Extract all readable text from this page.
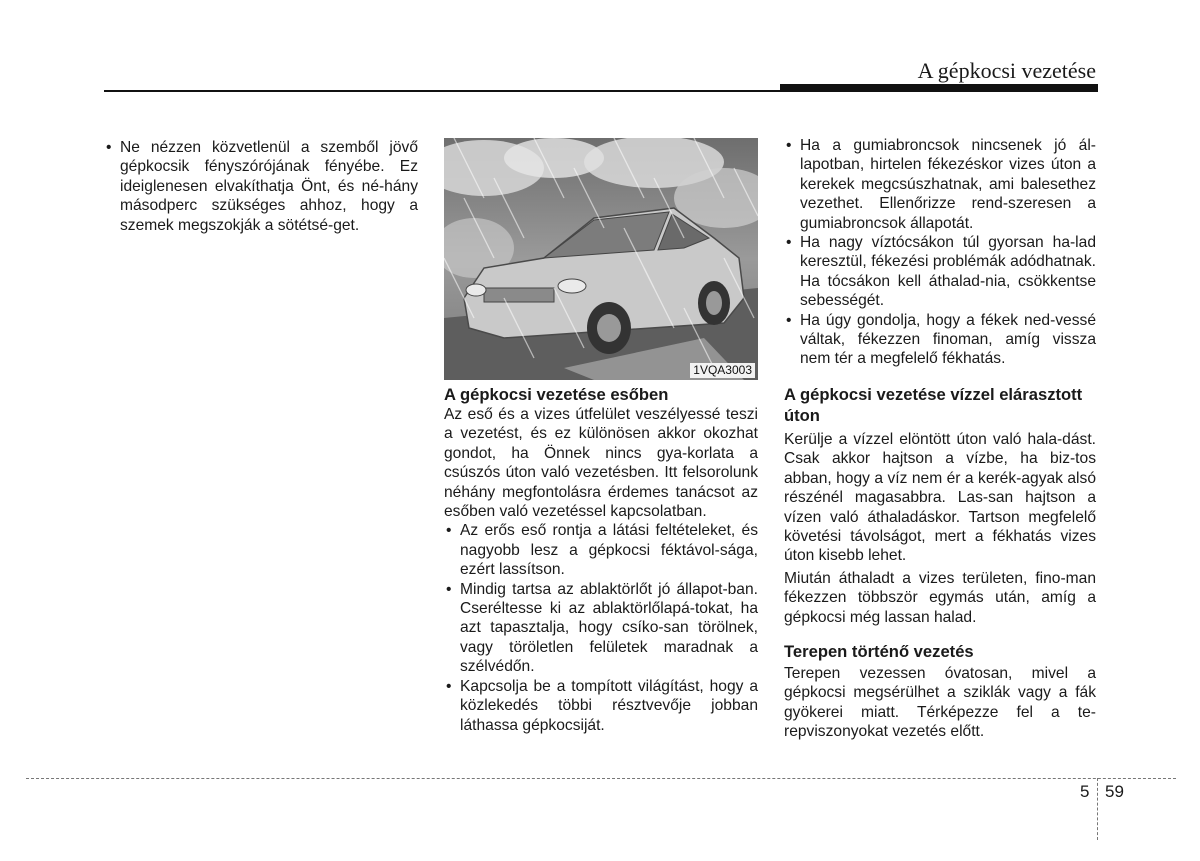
A gépkocsi vezetése
• Ne nézzen közvetlenül a szemből jövő gépkocsik fényszórójának fényébe. Ez ideiglenesen elvakíthatja Önt, és né-hány másodperc szükséges ahhoz, hogy a szemek megszokják a sötétsé-get.
1VQA3003

A gépkocsi vezetése esőben

Az eső és a vizes útfelület veszélyessé teszi a vezetést, és ez különösen akkor okozhat gondot, ha Önnek nincs gya-korlata a csúszós úton való vezetésben. Itt felsorolunk néhány megfontolásra érdemes tanácsot az esőben való vezetéssel kapcsolatban.

• Az erős eső rontja a látási feltételeket, és nagyobb lesz a gépkocsi féktávol-sága, ezért lassítson.
• Mindig tartsa az ablaktörlőt jó állapot-ban. Cseréltesse ki az ablaktörlőlapá-tokat, ha azt tapasztalja, hogy csíko-san törölnek, vagy töröletlen felületek maradnak a szélvédőn.
• Kapcsolja be a tompított világítást, hogy a közlekedés többi résztvevője jobban láthassa gépkocsiját.
• Ha a gumiabroncsok nincsenek jó ál-lapotban, hirtelen fékezéskor vizes úton a kerekek megcsúszhatnak, ami balesethez vezethet. Ellenőrizze rend-szeresen a gumiabroncsok állapotát.
• Ha nagy víztócsákon túl gyorsan ha-lad keresztül, fékezési problémák adódhatnak. Ha tócsákon kell áthalad-nia, csökkentse sebességét.
• Ha úgy gondolja, hogy a fékek ned-vessé váltak, fékezzen finoman, amíg vissza nem tér a megfelelő fékhatás.

A gépkocsi vezetése vízzel elárasztott úton

Kerülje a vízzel elöntött úton való hala-dást. Csak akkor hajtson a vízbe, ha biz-tos abban, hogy a víz nem ér a kerék-agyak alsó részénél magasabbra. Las-san hajtson a vízen való áthaladáskor. Tartson megfelelő követési távolságot, mert a fékhatás vizes úton kisebb lehet.

Miután áthaladt a vizes területen, fino-man fékezzen többször egymás után, amíg a gépkocsi még lassan halad.

Terepen történő vezetés

Terepen vezessen óvatosan, mivel a gépkocsi megsérülhet a sziklák vagy a fák gyökerei miatt. Térképezze fel a te-repviszonyokat vezetés előtt.

5 59
